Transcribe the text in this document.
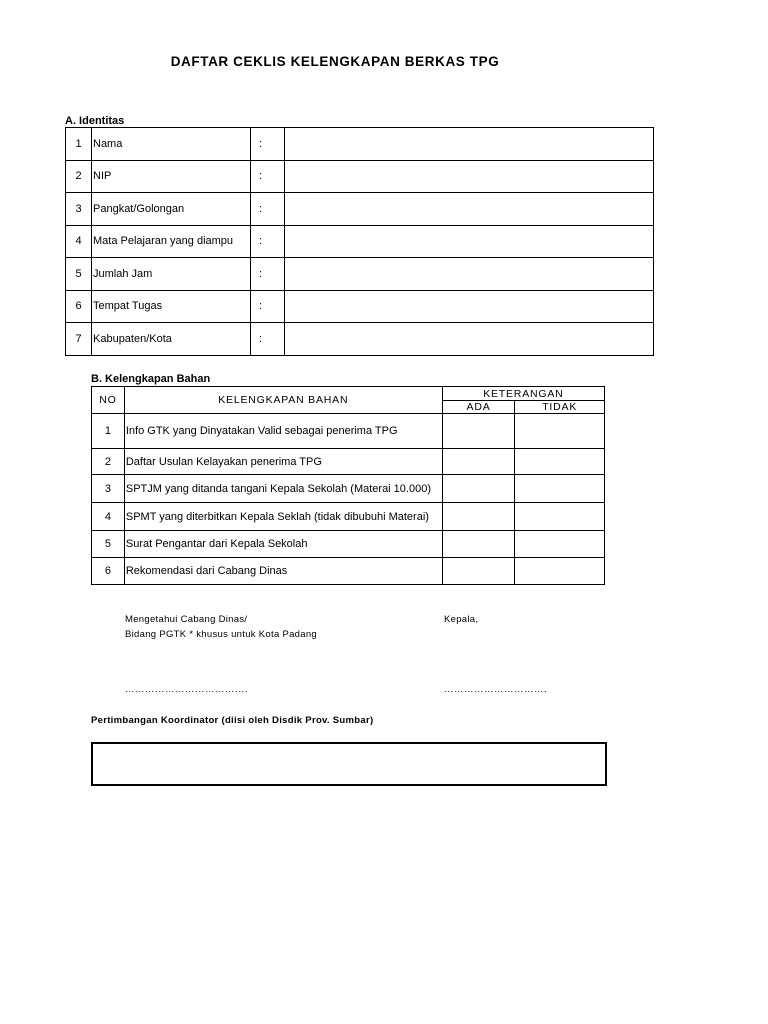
DAFTAR CEKLIS KELENGKAPAN BERKAS TPG
A. Identitas
1	Nama	:	
2	NIP	:	
3	Pangkat/Golongan	:	
4	Mata Pelajaran yang diampu	:	
5	Jumlah Jam	:	
6	Tempat Tugas	:	
7	Kabupaten/Kota	:	
B. Kelengkapan Bahan
NO	KELENGKAPAN BAHAN	KETERANGAN	
		ADA	TIDAK
1	Info GTK yang Dinyatakan Valid sebagai penerima TPG		
2	Daftar Usulan Kelayakan penerima TPG		
3	SPTJM yang ditanda tangani Kepala Sekolah (Materai 10.000)		
4	SPMT yang diterbitkan Kepala Seklah (tidak dibubuhi Materai)		
5	Surat Pengantar dari Kepala Sekolah		
6	Rekomendasi dari Cabang Dinas		
Mengetahui Cabang Dinas/
Bidang PGTK * khusus untuk Kota Padang
Kepala,
……………………………….	………………………….
Pertimbangan Koordinator (diisi oleh Disdik Prov. Sumbar)
